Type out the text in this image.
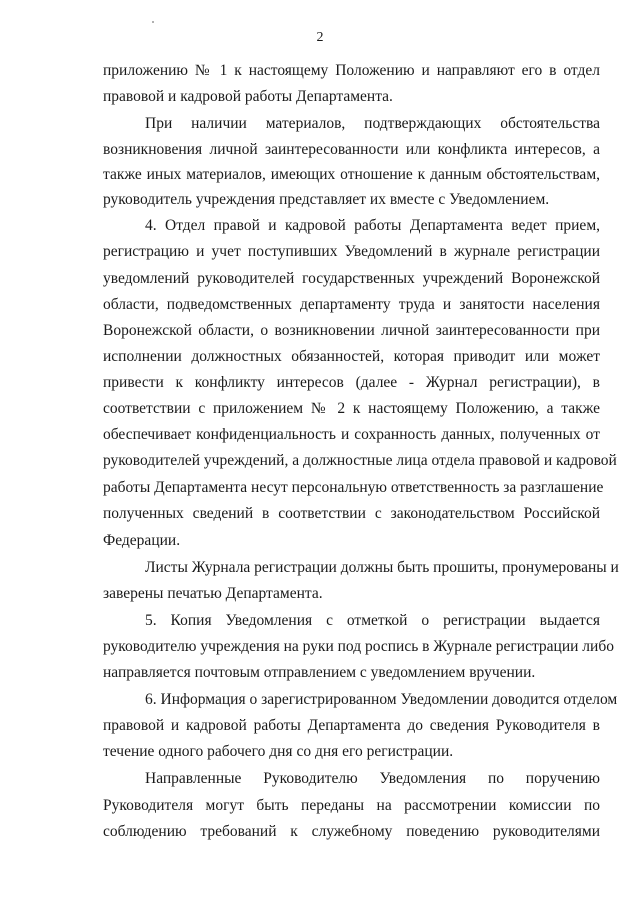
2
приложению № 1 к настоящему Положению и направляют его в отдел
правовой и кадровой работы Департамента.
При наличии материалов, подтверждающих обстоятельства
возникновения личной заинтересованности или конфликта интересов, а
также иных материалов, имеющих отношение к данным обстоятельствам,
руководитель учреждения представляет их вместе с Уведомлением.
4. Отдел правой и кадровой работы Департамента ведет прием,
регистрацию и учет поступивших Уведомлений в журнале регистрации
уведомлений руководителей государственных учреждений Воронежской
области, подведомственных департаменту труда и занятости населения
Воронежской области, о возникновении личной заинтересованности при
исполнении должностных обязанностей, которая приводит или может
привести к конфликту интересов (далее - Журнал регистрации), в
соответствии с приложением № 2 к настоящему Положению, а также
обеспечивает конфиденциальность и сохранность данных, полученных от
руководителей учреждений, а должностные лица отдела правовой и кадровой
работы Департамента несут персональную ответственность за разглашение
полученных сведений в соответствии с законодательством Российской
Федерации.
Листы Журнала регистрации должны быть прошиты, пронумерованы и
заверены печатью Департамента.
5. Копия Уведомления с отметкой о регистрации выдается
руководителю учреждения на руки под роспись в Журнале регистрации либо
направляется почтовым отправлением с уведомлением вручении.
6. Информация о зарегистрированном Уведомлении доводится отделом
правовой и кадровой работы Департамента до сведения Руководителя в
течение одного рабочего дня со дня его регистрации.
Направленные Руководителю Уведомления по поручению
Руководителя могут быть переданы на рассмотрении комиссии по
соблюдению требований к служебному поведению руководителями
